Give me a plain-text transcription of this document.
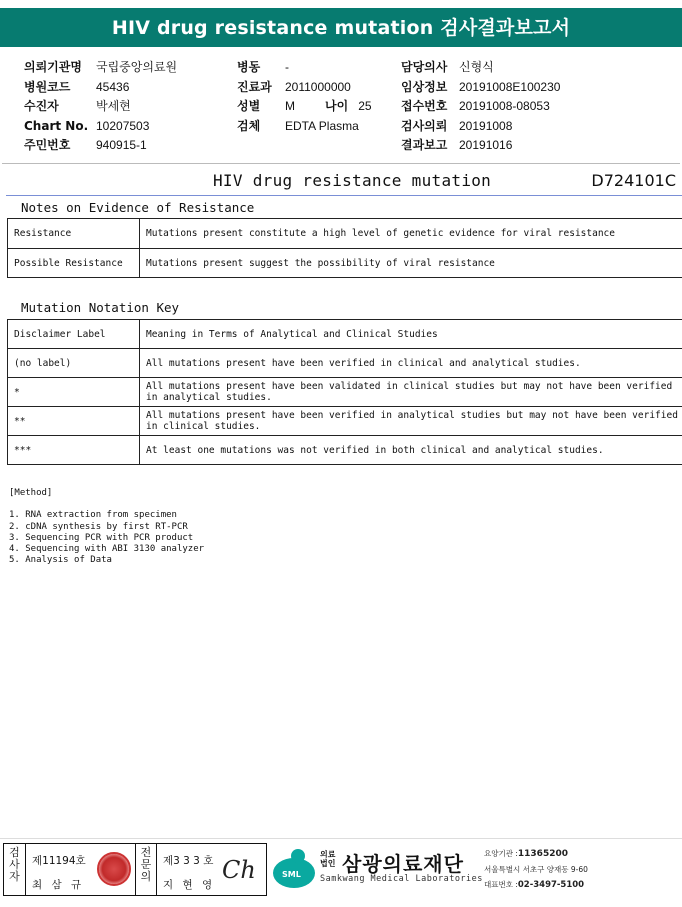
HIV drug resistance mutation 검사결과보고서
의뢰기관명	국립중앙의료원
병원코드	45436
수진자	박세현
Chart No. 10207503
주민번호	940915-1
병동	-
진료과	2011000000
성별	M	나이 25
검체	EDTA Plasma
담당의사 신형식
임상정보 20191008E100230
접수번호 20191008-08053
검사의뢰 20191008
결과보고 20191016
HIV drug resistance mutation	D724101C
Notes on Evidence of Resistance
Resistance	Mutations present constitute a high level of genetic evidence for viral resistance
Possible Resistance	Mutations present suggest the possibility of viral resistance
Mutation Notation Key
Disclaimer Label	Meaning in Terms of Analytical and Clinical Studies
(no label)	All mutations present have been verified in clinical and analytical studies.
*	All mutations present have been validated in clinical studies but may not have been verified in analytical studies.
**	All mutations present have been verified in analytical studies but may not have been verified in clinical studies.
***	At least one mutations was not verified in both clinical and analytical studies.
[Method]
1. RNA extraction from specimen
2. cDNA synthesis by first RT-PCR
3. Sequencing PCR with PCR product
4. Sequencing with ABI 3130 analyzer
5. Analysis of Data
검사자
제11194호
최 삼 규
전문의
제3 3 3 호
지 현 영
Ch	SML
의료
법인 삼광의료재단
Samkwang Medical Laboratories
요양기관 :11365200
서울특별시 서초구 양재동 9-60
대표번호 :02-3497-5100
